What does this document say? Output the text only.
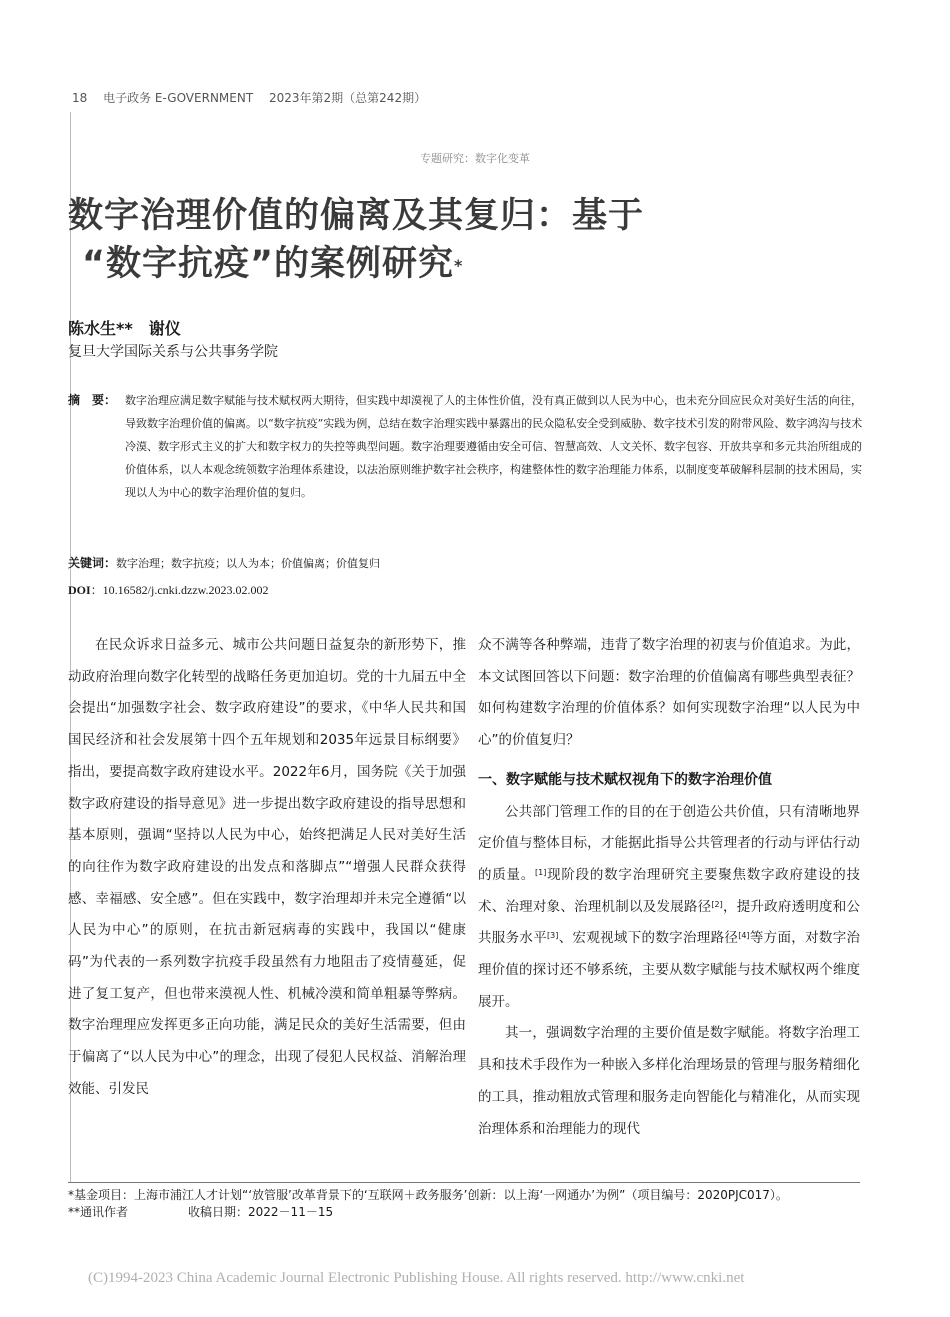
18 电子政务 E-GOVERNMENT 2023年第2期（总第242期）
专题研究：数字化变革
数字治理价值的偏离及其复归：基于
“数字抗疫”的案例研究*
陈水生**　谢仪
复旦大学国际关系与公共事务学院
摘　要： 数字治理应满足数字赋能与技术赋权两大期待，但实践中却漠视了人的主体性价值，没有真正做到以人民为中心，也未充分回应民众对美好生活的向往，导致数字治理价值的偏离。以“数字抗疫”实践为例，总结在数字治理实践中暴露出的民众隐私安全受到威胁、数字技术引发的附带风险、数字鸿沟与技术冷漠、数字形式主义的扩大和数字权力的失控等典型问题。数字治理要遵循由安全可信、智慧高效、人文关怀、数字包容、开放共享和多元共治所组成的价值体系，以人本观念统领数字治理体系建设，以法治原则维护数字社会秩序，构建整体性的数字治理能力体系，以制度变革破解科层制的技术困局，实现以人为中心的数字治理价值的复归。
关键词：数字治理；数字抗疫；以人为本；价值偏离；价值复归
DOI：10.16582/j.cnki.dzzw.2023.02.002

在民众诉求日益多元、城市公共问题日益复杂的新形势下，推动政府治理向数字化转型的战略任务更加迫切。党的十九届五中全会提出“加强数字社会、数字政府建设”的要求，《中华人民共和国国民经济和社会发展第十四个五年规划和2035年远景目标纲要》指出，要提高数字政府建设水平。2022年6月，国务院《关于加强数字政府建设的指导意见》进一步提出数字政府建设的指导思想和基本原则，强调“坚持以人民为中心，始终把满足人民对美好生活的向往作为数字政府建设的出发点和落脚点”“增强人民群众获得感、幸福感、安全感”。但在实践中，数字治理却并未完全遵循“以人民为中心”的原则，在抗击新冠病毒的实践中，我国以“健康码”为代表的一系列数字抗疫手段虽然有力地阻击了疫情蔓延，促进了复工复产，但也带来漠视人性、机械冷漠和简单粗暴等弊病。数字治理理应发挥更多正向功能，满足民众的美好生活需要，但由于偏离了“以人民为中心”的理念，出现了侵犯人民权益、消解治理效能、引发民

众不满等各种弊端，违背了数字治理的初衷与价值追求。为此，本文试图回答以下问题：数字治理的价值偏离有哪些典型表征？如何构建数字治理的价值体系？如何实现数字治理“以人民为中心”的价值复归？

一、数字赋能与技术赋权视角下的数字治理价值

公共部门管理工作的目的在于创造公共价值，只有清晰地界定价值与整体目标，才能据此指导公共管理者的行动与评估行动的质量。[1]现阶段的数字治理研究主要聚焦数字政府建设的技术、治理对象、治理机制以及发展路径[2]，提升政府透明度和公共服务水平[3]、宏观视域下的数字治理路径[4]等方面，对数字治理价值的探讨还不够系统，主要从数字赋能与技术赋权两个维度展开。

其一，强调数字治理的主要价值是数字赋能。将数字治理工具和技术手段作为一种嵌入多样化治理场景的管理与服务精细化的工具，推动粗放式管理和服务走向智能化与精准化，从而实现治理体系和治理能力的现代

*基金项目：上海市浦江人才计划“‘放管服’改革背景下的‘互联网＋政务服务’创新：以上海‘一网通办’为例”（项目编号：2020PJC017）。

**通讯作者	收稿日期：2022－11－15

(C)1994-2023 China Academic Journal Electronic Publishing House. All rights reserved. http://www.cnki.net
